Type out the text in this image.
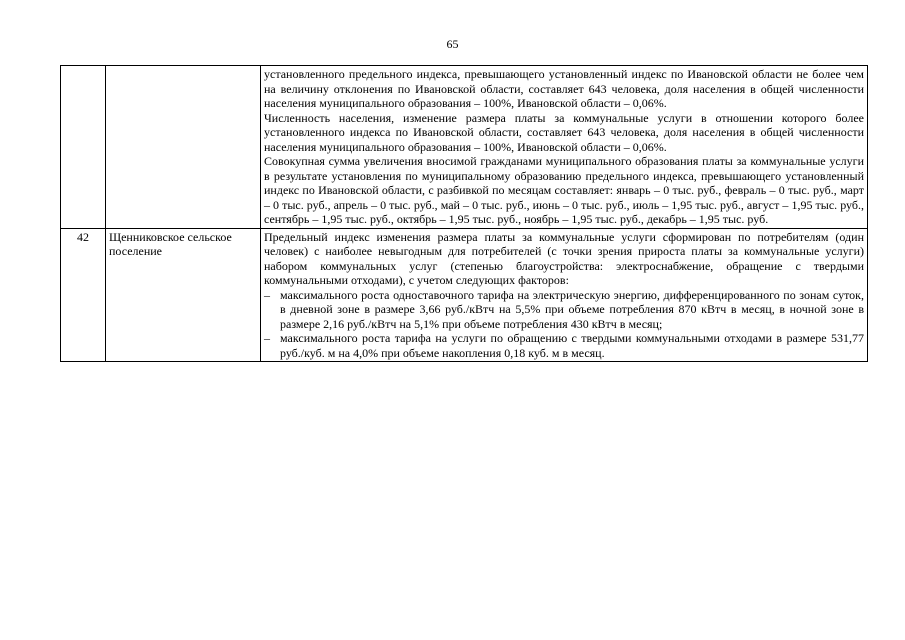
65

		установленного предельного индекса, превышающего установленный индекс по Ивановской области не более чем на величину отклонения по Ивановской области, составляет 643 человека, доля населения в общей численности населения муниципального образования – 100%, Ивановской области – 0,06%.
Численность населения, изменение размера платы за коммунальные услуги в отношении которого более установленного индекса по Ивановской области, составляет 643 человека, доля населения в общей численности населения муниципального образования – 100%, Ивановской области – 0,06%.
Совокупная сумма увеличения вносимой гражданами муниципального образования платы за коммунальные услуги в результате установления по муниципальному образованию предельного индекса, превышающего установленный индекс по Ивановской области, с разбивкой по месяцам составляет: январь – 0 тыс. руб., февраль – 0 тыс. руб., март – 0 тыс. руб., апрель – 0 тыс. руб., май – 0 тыс. руб., июнь – 0 тыс. руб., июль – 1,95 тыс. руб., август – 1,95 тыс. руб., сентябрь – 1,95 тыс. руб., октябрь – 1,95 тыс. руб., ноябрь – 1,95 тыс. руб., декабрь – 1,95 тыс. руб.

42	Щенниковское сельское поселение	Предельный индекс изменения размера платы за коммунальные услуги сформирован по потребителям (один человек) с наиболее невыгодным для потребителей (с точки зрения прироста платы за коммунальные услуги) набором коммунальных услуг (степенью благоустройства: электроснабжение, обращение с твердыми коммунальными отходами), с учетом следующих факторов:
– максимального роста одноставочного тарифа на электрическую энергию, дифференцированного по зонам суток, в дневной зоне в размере 3,66 руб./кВтч на 5,5% при объеме потребления 870 кВтч в месяц, в ночной зоне в размере 2,16 руб./кВтч на 5,1% при объеме потребления 430 кВтч в месяц;
– максимального роста тарифа на услуги по обращению с твердыми коммунальными отходами в размере 531,77 руб./куб. м на 4,0% при объеме накопления 0,18 куб. м в месяц.
